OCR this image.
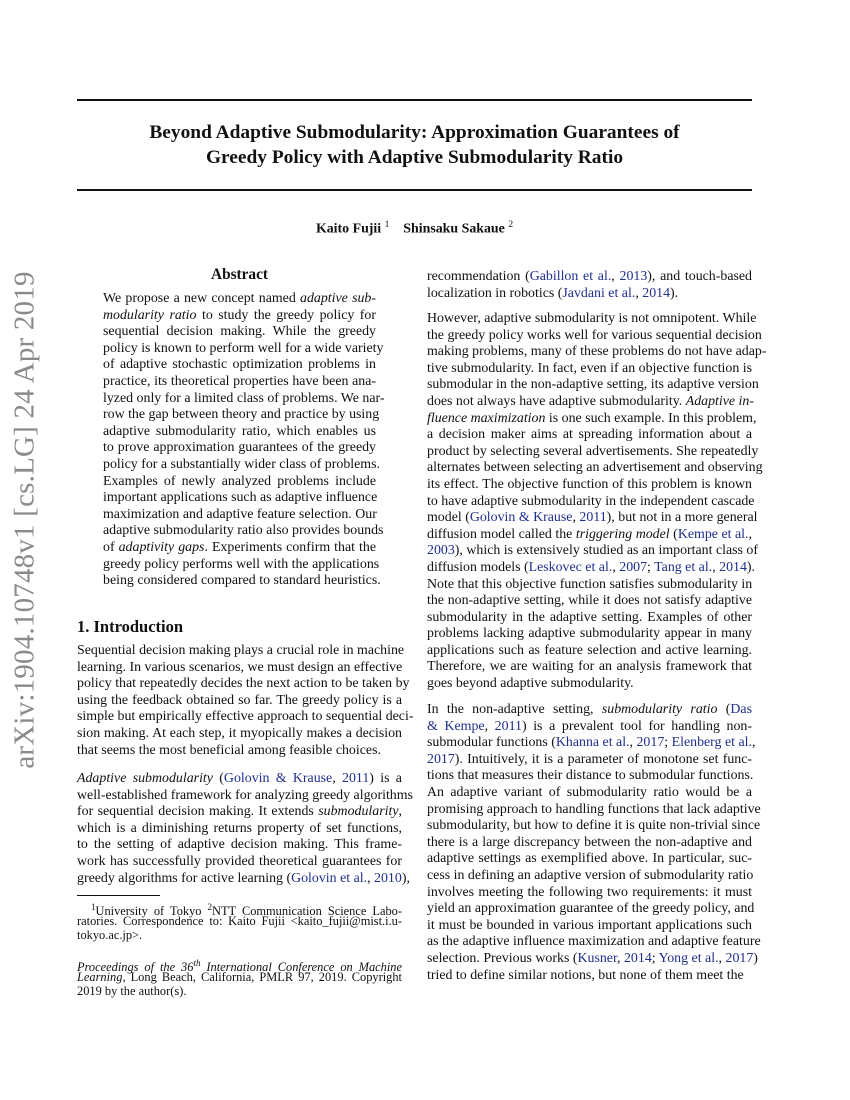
arXiv:1904.10748v1 [cs.LG] 24 Apr 2019
Beyond Adaptive Submodularity: Approximation Guarantees of
Greedy Policy with Adaptive Submodularity Ratio
Kaito Fujii $^1$ Shinsaku Sakaue $^2$
Abstract
We propose a new concept named adaptive sub-
modularity ratio to study the greedy policy for
sequential decision making. While the greedy
policy is known to perform well for a wide variety
of adaptive stochastic optimization problems in
practice, its theoretical properties have been ana-
lyzed only for a limited class of problems. We nar-
row the gap between theory and practice by using
adaptive submodularity ratio, which enables us
to prove approximation guarantees of the greedy
policy for a substantially wider class of problems.
Examples of newly analyzed problems include
important applications such as adaptive influence
maximization and adaptive feature selection. Our
adaptive submodularity ratio also provides bounds
of adaptivity gaps. Experiments confirm that the
greedy policy performs well with the applications
being considered compared to standard heuristics.
1. Introduction
Sequential decision making plays a crucial role in machine
learning. In various scenarios, we must design an effective
policy that repeatedly decides the next action to be taken by
using the feedback obtained so far. The greedy policy is a
simple but empirically effective approach to sequential deci-
sion making. At each step, it myopically makes a decision
that seems the most beneficial among feasible choices.
Adaptive submodularity (Golovin & Krause, 2011) is a
well-established framework for analyzing greedy algorithms
for sequential decision making. It extends submodularity,
which is a diminishing returns property of set functions,
to the setting of adaptive decision making. This frame-
work has successfully provided theoretical guarantees for
greedy algorithms for active learning (Golovin et al., 2010),
$^1$University of Tokyo $^2$NTT Communication Science Labo-
ratories. Correspondence to: Kaito Fujii <kaito_fujii@mist.i.u-
tokyo.ac.jp>.
Proceedings of the 36th International Conference on Machine
Learning, Long Beach, California, PMLR 97, 2019. Copyright
2019 by the author(s).
recommendation (Gabillon et al., 2013), and touch-based
localization in robotics (Javdani et al., 2014).
However, adaptive submodularity is not omnipotent. While
the greedy policy works well for various sequential decision
making problems, many of these problems do not have adap-
tive submodularity. In fact, even if an objective function is
submodular in the non-adaptive setting, its adaptive version
does not always have adaptive submodularity. Adaptive in-
fluence maximization is one such example. In this problem,
a decision maker aims at spreading information about a
product by selecting several advertisements. She repeatedly
alternates between selecting an advertisement and observing
its effect. The objective function of this problem is known
to have adaptive submodularity in the independent cascade
model (Golovin & Krause, 2011), but not in a more general
diffusion model called the triggering model (Kempe et al.,
2003), which is extensively studied as an important class of
diffusion models (Leskovec et al., 2007; Tang et al., 2014).
Note that this objective function satisfies submodularity in
the non-adaptive setting, while it does not satisfy adaptive
submodularity in the adaptive setting. Examples of other
problems lacking adaptive submodularity appear in many
applications such as feature selection and active learning.
Therefore, we are waiting for an analysis framework that
goes beyond adaptive submodularity.
In the non-adaptive setting, submodularity ratio (Das
& Kempe, 2011) is a prevalent tool for handling non-
submodular functions (Khanna et al., 2017; Elenberg et al.,
2017). Intuitively, it is a parameter of monotone set func-
tions that measures their distance to submodular functions.
An adaptive variant of submodularity ratio would be a
promising approach to handling functions that lack adaptive
submodularity, but how to define it is quite non-trivial since
there is a large discrepancy between the non-adaptive and
adaptive settings as exemplified above. In particular, suc-
cess in defining an adaptive version of submodularity ratio
involves meeting the following two requirements: it must
yield an approximation guarantee of the greedy policy, and
it must be bounded in various important applications such
as the adaptive influence maximization and adaptive feature
selection. Previous works (Kusner, 2014; Yong et al., 2017)
tried to define similar notions, but none of them meet the
